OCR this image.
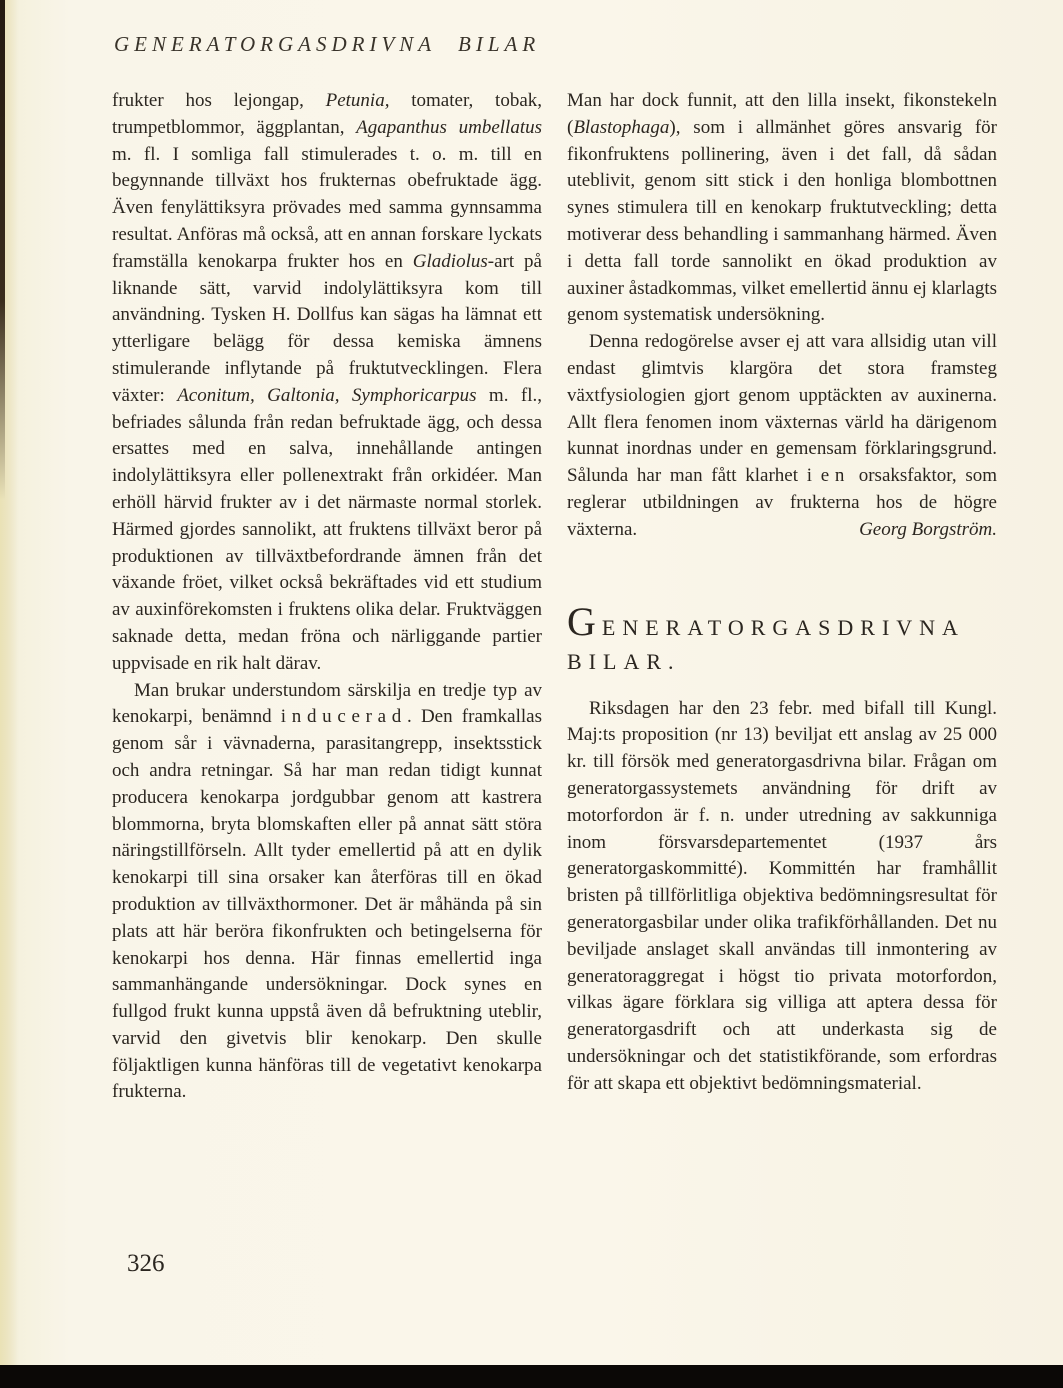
GENERATORGASDRIVNA BILAR

frukter hos lejongap, Petunia, tomater, tobak, trumpetblommor, äggplantan, Agapanthus umbellatus m. fl. I somliga fall stimulerades t. o. m. till en begynnande tillväxt hos frukternas obefruktade ägg. Även fenylättiksyra prövades med samma gynnsamma resultat. Anföras må också, att en annan forskare lyckats framställa kenokarpa frukter hos en Gladiolus-art på liknande sätt, varvid indolylättiksyra kom till användning. Tysken H. Dollfus kan sägas ha lämnat ett ytterligare belägg för dessa kemiska ämnens stimulerande inflytande på fruktutvecklingen. Flera växter: Aconitum, Galtonia, Symphoricarpus m. fl., befriades sålunda från redan befruktade ägg, och dessa ersattes med en salva, innehållande antingen indolylättiksyra eller pollenextrakt från orkidéer. Man erhöll härvid frukter av i det närmaste normal storlek. Härmed gjordes sannolikt, att fruktens tillväxt beror på produktionen av tillväxtbefordrande ämnen från det växande fröet, vilket också bekräftades vid ett studium av auxinförekomsten i fruktens olika delar. Fruktväggen saknade detta, medan fröna och närliggande partier uppvisade en rik halt därav.

Man brukar understundom särskilja en tredje typ av kenokarpi, benämnd inducerad. Den framkallas genom sår i vävnaderna, parasitangrepp, insektsstick och andra retningar. Så har man redan tidigt kunnat producera kenokarpa jordgubbar genom att kastrera blommorna, bryta blomskaften eller på annat sätt störa näringstillförseln. Allt tyder emellertid på att en dylik kenokarpi till sina orsaker kan återföras till en ökad produktion av tillväxthormoner. Det är måhända på sin plats att här beröra fikonfrukten och betingelserna för kenokarpi hos denna. Här finnas emellertid inga sammanhängande undersökningar. Dock synes en fullgod frukt kunna uppstå även då befruktning uteblir, varvid den givetvis blir kenokarp. Den skulle följaktligen kunna hänföras till de vegetativt kenokarpa frukterna.

Man har dock funnit, att den lilla insekt, fikonstekeln (Blastophaga), som i allmänhet göres ansvarig för fikonfruktens pollinering, även i det fall, då sådan uteblivit, genom sitt stick i den honliga blombottnen synes stimulera till en kenokarp fruktutveckling; detta motiverar dess behandling i sammanhang härmed. Även i detta fall torde sannolikt en ökad produktion av auxiner åstadkommas, vilket emellertid ännu ej klarlagts genom systematisk undersökning.

Denna redogörelse avser ej att vara allsidig utan vill endast glimtvis klargöra det stora framsteg växtfysiologien gjort genom upptäckten av auxinerna. Allt flera fenomen inom växternas värld ha därigenom kunnat inordnas under en gemensam förklaringsgrund. Sålunda har man fått klarhet i en orsaksfaktor, som reglerar utbildningen av frukterna hos de högre växterna.	Georg Borgström.

GENERATORGASDRIVNA
BILAR.

Riksdagen har den 23 febr. med bifall till Kungl. Maj:ts proposition (nr 13) beviljat ett anslag av 25 000 kr. till försök med generatorgasdrivna bilar. Frågan om generatorgassystemets användning för drift av motorfordon är f. n. under utredning av sakkunniga inom försvarsdepartementet (1937 års generatorgaskommitté). Kommittén har framhållit bristen på tillförlitliga objektiva bedömningsresultat för generatorgasbilar under olika trafikförhållanden. Det nu beviljade anslaget skall användas till inmontering av generatoraggregat i högst tio privata motorfordon, vilkas ägare förklara sig villiga att aptera dessa för generatorgasdrift och att underkasta sig de undersökningar och det statistikförande, som erfordras för att skapa ett objektivt bedömningsmaterial.

326
